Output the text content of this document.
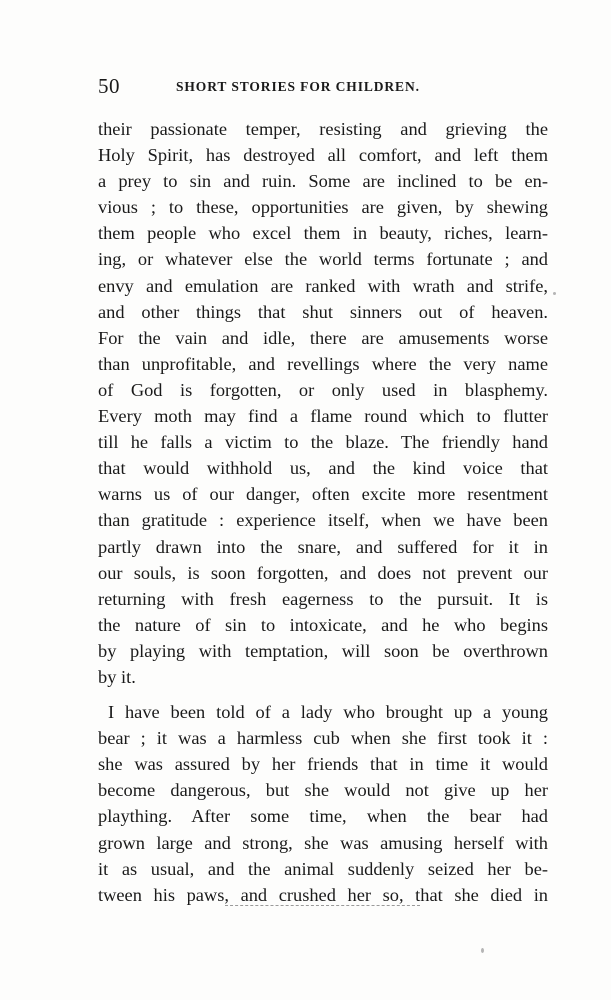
50	SHORT STORIES FOR CHILDREN.
their passionate temper, resisting and grieving the
Holy Spirit, has destroyed all comfort, and left them
a prey to sin and ruin. Some are inclined to be en-
vious ; to these, opportunities are given, by shewing
them people who excel them in beauty, riches, learn-
ing, or whatever else the world terms fortunate ; and
envy and emulation are ranked with wrath and strife,
and other things that shut sinners out of heaven.
For the vain and idle, there are amusements worse
than unprofitable, and revellings where the very name
of God is forgotten, or only used in blasphemy.
Every moth may find a flame round which to flutter
till he falls a victim to the blaze. The friendly hand
that would withhold us, and the kind voice that
warns us of our danger, often excite more resentment
than gratitude : experience itself, when we have been
partly drawn into the snare, and suffered for it in
our souls, is soon forgotten, and does not prevent our
returning with fresh eagerness to the pursuit. It is
the nature of sin to intoxicate, and he who begins
by playing with temptation, will soon be overthrown
by it.
I have been told of a lady who brought up a young
bear ; it was a harmless cub when she first took it :
she was assured by her friends that in time it would
become dangerous, but she would not give up her
plaything. After some time, when the bear had
grown large and strong, she was amusing herself with
it as usual, and the animal suddenly seized her be-
tween his paws, and crushed her so, that she died in
